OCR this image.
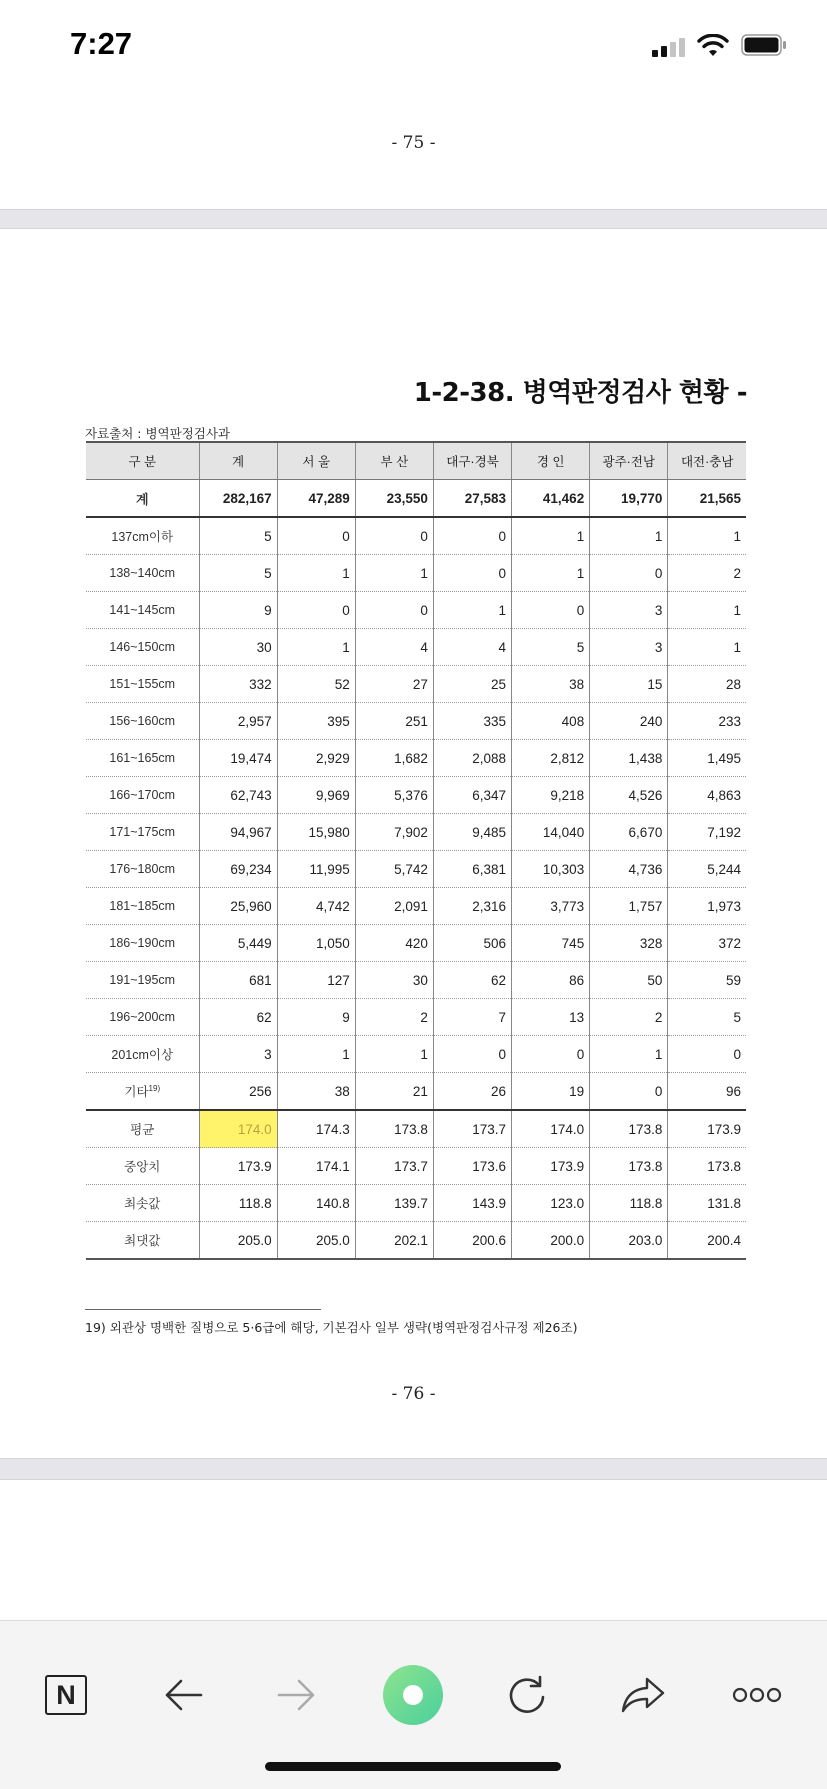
7:27
- 75 -
1-2-38. 병역판정검사 현황 -
자료출처 : 병역판정검사과
구 분	계	서 울	부 산	대구·경북	경 인	광주·전남	대전·충남
계	282,167	47,289	23,550	27,583	41,462	19,770	21,565
137cm이하	5	0	0	0	1	1	1
138~140cm	5	1	1	0	1	0	2
141~145cm	9	0	0	1	0	3	1
146~150cm	30	1	4	4	5	3	1
151~155cm	332	52	27	25	38	15	28
156~160cm	2,957	395	251	335	408	240	233
161~165cm	19,474	2,929	1,682	2,088	2,812	1,438	1,495
166~170cm	62,743	9,969	5,376	6,347	9,218	4,526	4,863
171~175cm	94,967	15,980	7,902	9,485	14,040	6,670	7,192
176~180cm	69,234	11,995	5,742	6,381	10,303	4,736	5,244
181~185cm	25,960	4,742	2,091	2,316	3,773	1,757	1,973
186~190cm	5,449	1,050	420	506	745	328	372
191~195cm	681	127	30	62	86	50	59
196~200cm	62	9	2	7	13	2	5
201cm이상	3	1	1	0	0	1	0
기타$^{19)}$	256	38	21	26	19	0	96
평균	174.0	174.3	173.8	173.7	174.0	173.8	173.9
중앙치	173.9	174.1	173.7	173.6	173.9	173.8	173.8
최솟값	118.8	140.8	139.7	143.9	123.0	118.8	131.8
최댓값	205.0	205.0	202.1	200.6	200.0	203.0	200.4
19) 외관상 명백한 질병으로 5·6급에 해당, 기본검사 일부 생략(병역판정검사규정 제26조)
- 76 -
N
